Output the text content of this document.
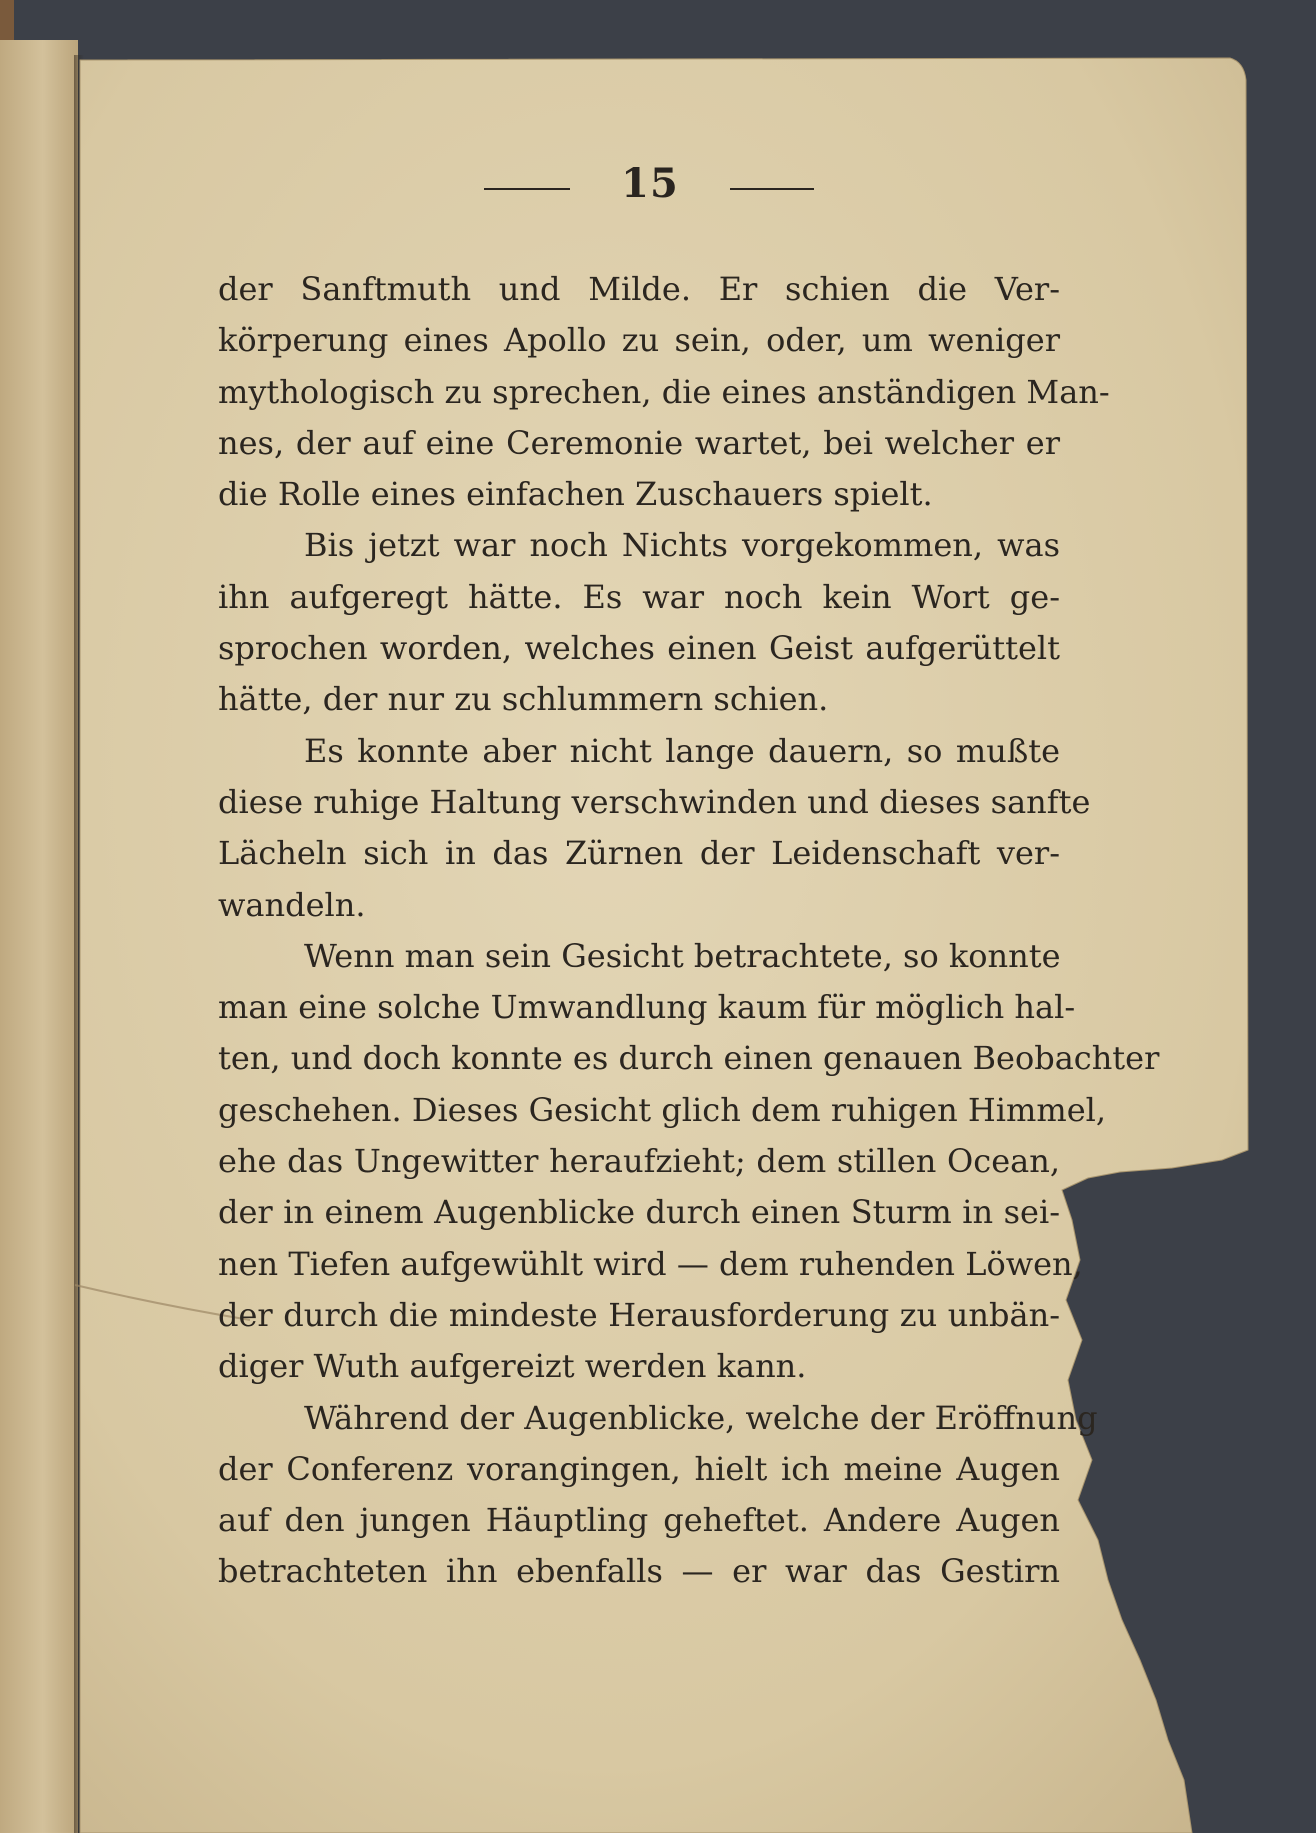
15
der Sanftmuth und Milde. Er schien die Ver-
körperung eines Apollo zu sein, oder, um weniger
mythologisch zu sprechen, die eines anständigen Man-
nes, der auf eine Ceremonie wartet, bei welcher er
die Rolle eines einfachen Zuschauers spielt.
Bis jetzt war noch Nichts vorgekommen, was
ihn aufgeregt hätte. Es war noch kein Wort ge-
sprochen worden, welches einen Geist aufgerüttelt
hätte, der nur zu schlummern schien.
Es konnte aber nicht lange dauern, so mußte
diese ruhige Haltung verschwinden und dieses sanfte
Lächeln sich in das Zürnen der Leidenschaft ver-
wandeln.
Wenn man sein Gesicht betrachtete, so konnte
man eine solche Umwandlung kaum für möglich hal-
ten, und doch konnte es durch einen genauen Beobachter
geschehen. Dieses Gesicht glich dem ruhigen Himmel,
ehe das Ungewitter heraufzieht; dem stillen Ocean,
der in einem Augenblicke durch einen Sturm in sei-
nen Tiefen aufgewühlt wird — dem ruhenden Löwen,
der durch die mindeste Herausforderung zu unbän-
diger Wuth aufgereizt werden kann.
Während der Augenblicke, welche der Eröffnung
der Conferenz vorangingen, hielt ich meine Augen
auf den jungen Häuptling geheftet. Andere Augen
betrachteten ihn ebenfalls — er war das Gestirn
